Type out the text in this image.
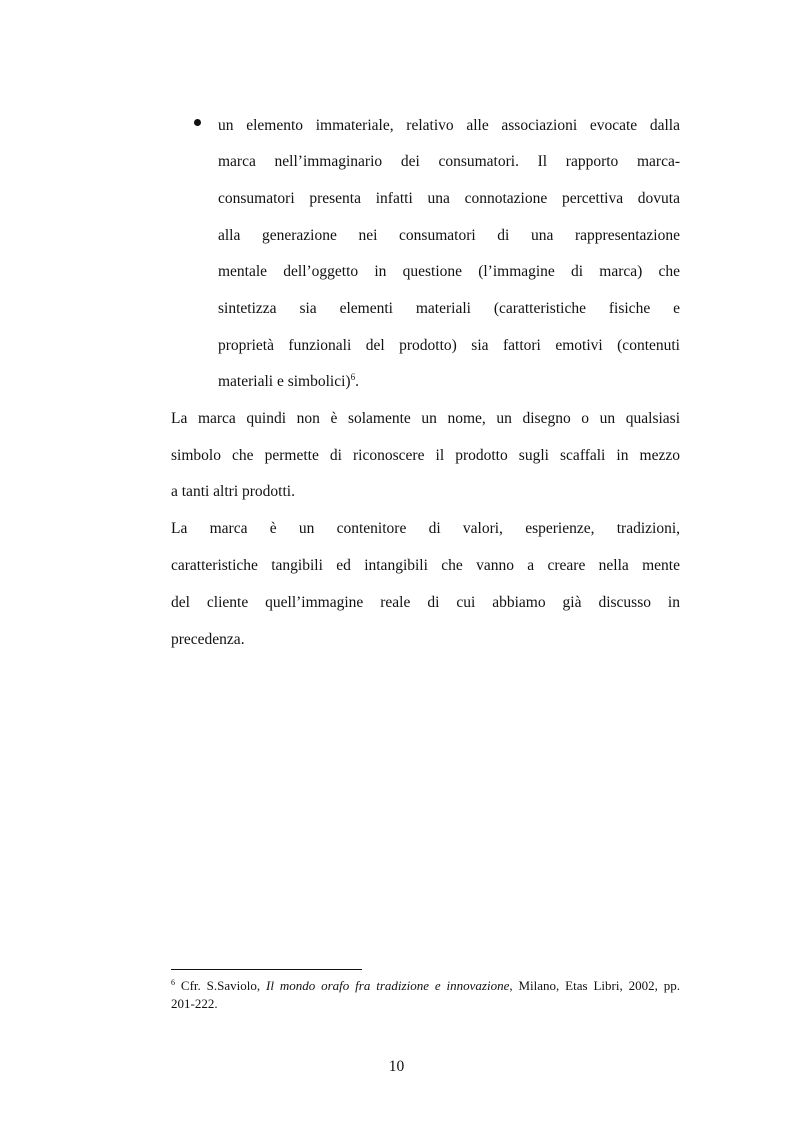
un elemento immateriale, relativo alle associazioni evocate dalla
marca nell’immaginario dei consumatori. Il rapporto marca-
consumatori presenta infatti una connotazione percettiva dovuta
alla generazione nei consumatori di una rappresentazione
mentale dell’oggetto in questione (l’immagine di marca) che
sintetizza sia elementi materiali (caratteristiche fisiche e
proprietà funzionali del prodotto) sia fattori emotivi (contenuti
materiali e simbolici)$^6$.
La marca quindi non è solamente un nome, un disegno o un qualsiasi
simbolo che permette di riconoscere il prodotto sugli scaffali in mezzo
a tanti altri prodotti.
La marca è un contenitore di valori, esperienze, tradizioni,
caratteristiche tangibili ed intangibili che vanno a creare nella mente
del cliente quell’immagine reale di cui abbiamo già discusso in
precedenza.
$^6$ Cfr. S.Saviolo, Il mondo orafo fra tradizione e innovazione, Milano, Etas Libri, 2002, pp.
201-222.
10
